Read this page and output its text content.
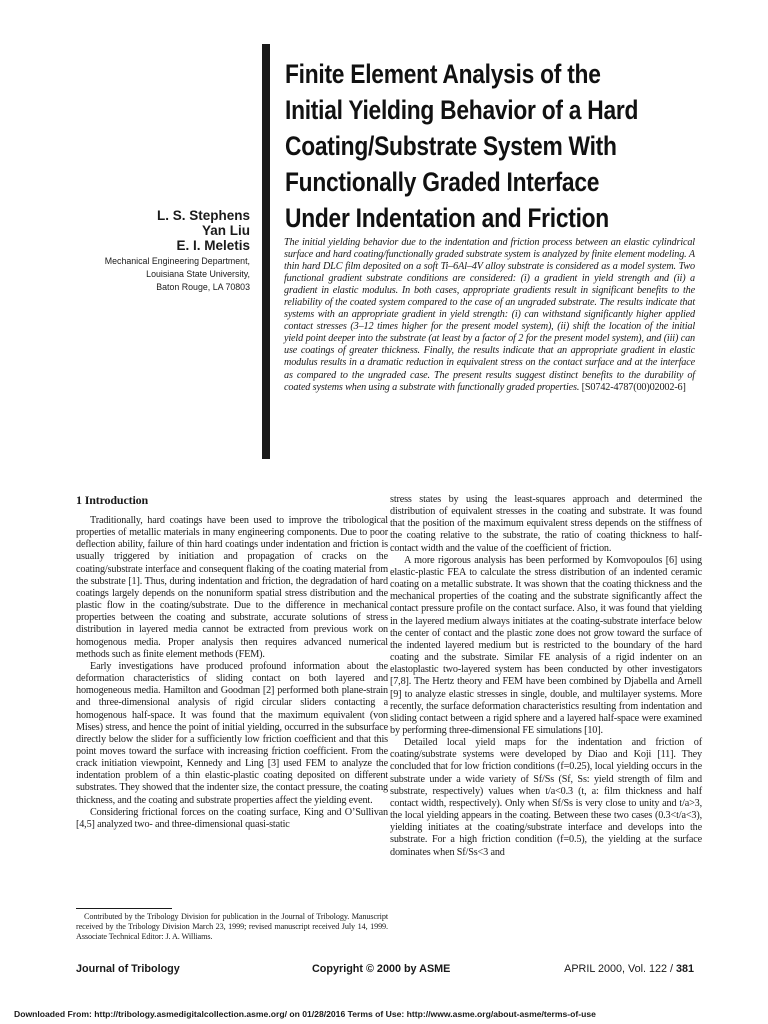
Finite Element Analysis of the
Initial Yielding Behavior of a Hard
Coating/Substrate System With
Functionally Graded Interface
Under Indentation and Friction
L. S. Stephens
Yan Liu
E. I. Meletis
Mechanical Engineering Department,
Louisiana State University,
Baton Rouge, LA 70803
The initial yielding behavior due to the indentation and friction process between an elastic cylindrical surface and hard coating/functionally graded substrate system is analyzed by finite element modeling. A thin hard DLC film deposited on a soft Ti–6Al–4V alloy substrate is considered as a model system. Two functional gradient substrate conditions are considered: (i) a gradient in yield strength and (ii) a gradient in elastic modulus. In both cases, appropriate gradients result in significant benefits to the reliability of the coated system compared to the case of an ungraded substrate. The results indicate that systems with an appropriate gradient in yield strength: (i) can withstand significantly higher applied contact stresses (3–12 times higher for the present model system), (ii) shift the location of the initial yield point deeper into the substrate (at least by a factor of 2 for the present model system), and (iii) can use coatings of greater thickness. Finally, the results indicate that an appropriate gradient in elastic modulus results in a dramatic reduction in equivalent stress on the contact surface and at the interface as compared to the ungraded case. The present results suggest distinct benefits to the durability of coated systems when using a substrate with functionally graded properties. [S0742-4787(00)02002-6]
1 Introduction

Traditionally, hard coatings have been used to improve the tribological properties of metallic materials in many engineering components. Due to poor deflection ability, failure of thin hard coatings under indentation and friction is usually triggered by initiation and propagation of cracks on the coating/substrate interface and consequent flaking of the coating material from the substrate [1]. Thus, during indentation and friction, the degradation of hard coatings largely depends on the nonuniform spatial stress distribution and the plastic flow in the coating/substrate. Due to the difference in mechanical properties between the coating and substrate, accurate solutions of stress distribution in layered media cannot be extracted from previous work on homogenous media. Proper analysis then requires advanced numerical methods such as finite element methods (FEM).

Early investigations have produced profound information about the deformation characteristics of sliding contact on both layered and homogeneous media. Hamilton and Goodman [2] performed both plane-strain and three-dimensional analysis of rigid circular sliders contacting a homogenous half-space. It was found that the maximum equivalent (von Mises) stress, and hence the point of initial yielding, occurred in the subsurface directly below the slider for a sufficiently low friction coefficient and that this point moves toward the surface with increasing friction coefficient. From the crack initiation viewpoint, Kennedy and Ling [3] used FEM to analyze the indentation problem of a thin elastic-plastic coating deposited on different substrates. They showed that the indenter size, the contact pressure, the coating thickness, and the coating and substrate properties affect the yielding event.

Considering frictional forces on the coating surface, King and O’Sullivan [4,5] analyzed two- and three-dimensional quasi-static

stress states by using the least-squares approach and determined the distribution of equivalent stresses in the coating and substrate. It was found that the position of the maximum equivalent stress depends on the stiffness of the coating relative to the substrate, the ratio of coating thickness to half-contact width and the value of the coefficient of friction.

A more rigorous analysis has been performed by Komvopoulos [6] using elastic-plastic FEA to calculate the stress distribution of an indented ceramic coating on a metallic substrate. It was shown that the coating thickness and the mechanical properties of the coating and the substrate significantly affect the contact pressure profile on the contact surface. Also, it was found that yielding in the layered medium always initiates at the coating-substrate interface below the center of contact and the plastic zone does not grow toward the surface of the indented layered medium but is restricted to the boundary of the hard coating and the substrate. Similar FE analysis of a rigid indenter on an elastoplastic two-layered system has been conducted by other investigators [7,8]. The Hertz theory and FEM have been combined by Djabella and Arnell [9] to analyze elastic stresses in single, double, and multilayer systems. More recently, the surface deformation characteristics resulting from indentation and sliding contact between a rigid sphere and a layered half-space were examined by performing three-dimensional FE simulations [10].

Detailed local yield maps for the indentation and friction of coating/substrate systems were developed by Diao and Koji [11]. They concluded that for low friction conditions (f=0.25), local yielding occurs in the substrate under a wide variety of Sf/Ss (Sf, Ss: yield strength of film and substrate, respectively) values when t/a<0.3 (t, a: film thickness and half contact width, respectively). Only when Sf/Ss is very close to unity and t/a>3, the local yielding appears in the coating. Between these two cases (0.3<t/a<3), yielding initiates at the coating/substrate interface and develops into the substrate. For a high friction condition (f=0.5), the yielding at the surface dominates when Sf/Ss<3 and

Contributed by the Tribology Division for publication in the Journal of Tribology. Manuscript received by the Tribology Division March 23, 1999; revised manuscript received July 14, 1999. Associate Technical Editor: J. A. Williams.

Journal of Tribology	Copyright © 2000 by ASME	APRIL 2000, Vol. 122 / 381
Downloaded From: http://tribology.asmedigitalcollection.asme.org/ on 01/28/2016 Terms of Use: http://www.asme.org/about-asme/terms-of-use
